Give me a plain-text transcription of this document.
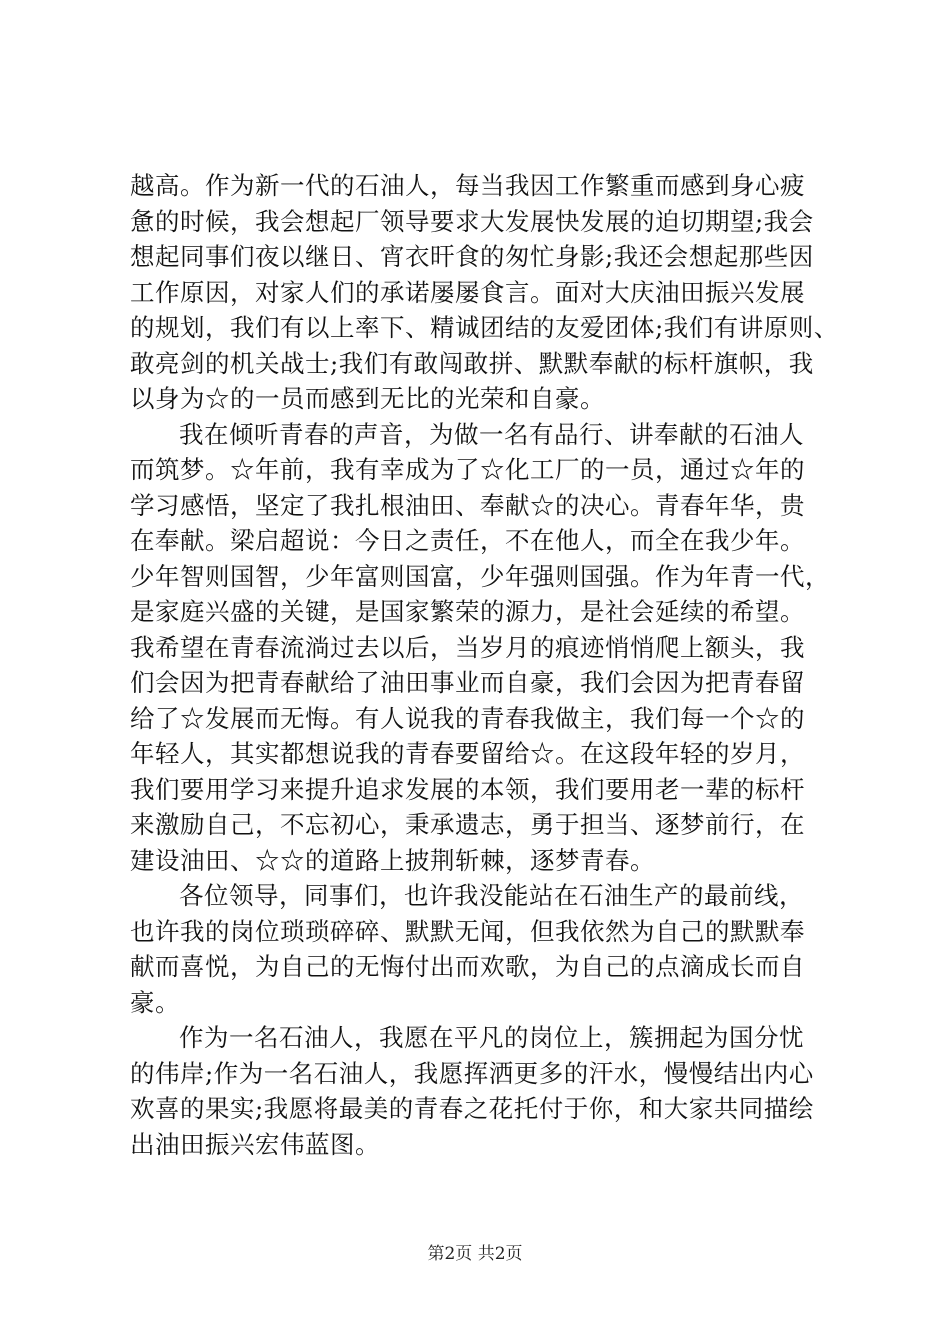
越高。作为新一代的石油人，每当我因工作繁重而感到身心疲
惫的时候，我会想起厂领导要求大发展快发展的迫切期望;我会
想起同事们夜以继日、宵衣旰食的匆忙身影;我还会想起那些因
工作原因，对家人们的承诺屡屡食言。面对大庆油田振兴发展
的规划，我们有以上率下、精诚团结的友爱团体;我们有讲原则、
敢亮剑的机关战士;我们有敢闯敢拼、默默奉献的标杆旗帜，我
以身为☆的一员而感到无比的光荣和自豪。
我在倾听青春的声音，为做一名有品行、讲奉献的石油人
而筑梦。☆年前，我有幸成为了☆化工厂的一员，通过☆年的
学习感悟，坚定了我扎根油田、奉献☆的决心。青春年华，贵
在奉献。梁启超说：今日之责任，不在他人，而全在我少年。
少年智则国智，少年富则国富，少年强则国强。作为年青一代，
是家庭兴盛的关键，是国家繁荣的源力，是社会延续的希望。
我希望在青春流淌过去以后，当岁月的痕迹悄悄爬上额头，我
们会因为把青春献给了油田事业而自豪，我们会因为把青春留
给了☆发展而无悔。有人说我的青春我做主，我们每一个☆的
年轻人，其实都想说我的青春要留给☆。在这段年轻的岁月，
我们要用学习来提升追求发展的本领，我们要用老一辈的标杆
来激励自己，不忘初心，秉承遗志，勇于担当、逐梦前行，在
建设油田、☆☆的道路上披荆斩棘，逐梦青春。
各位领导，同事们，也许我没能站在石油生产的最前线，
也许我的岗位琐琐碎碎、默默无闻，但我依然为自己的默默奉
献而喜悦，为自己的无悔付出而欢歌，为自己的点滴成长而自
豪。
作为一名石油人，我愿在平凡的岗位上，簇拥起为国分忧
的伟岸;作为一名石油人，我愿挥洒更多的汗水，慢慢结出内心
欢喜的果实;我愿将最美的青春之花托付于你，和大家共同描绘
出油田振兴宏伟蓝图。
第2页 共2页
